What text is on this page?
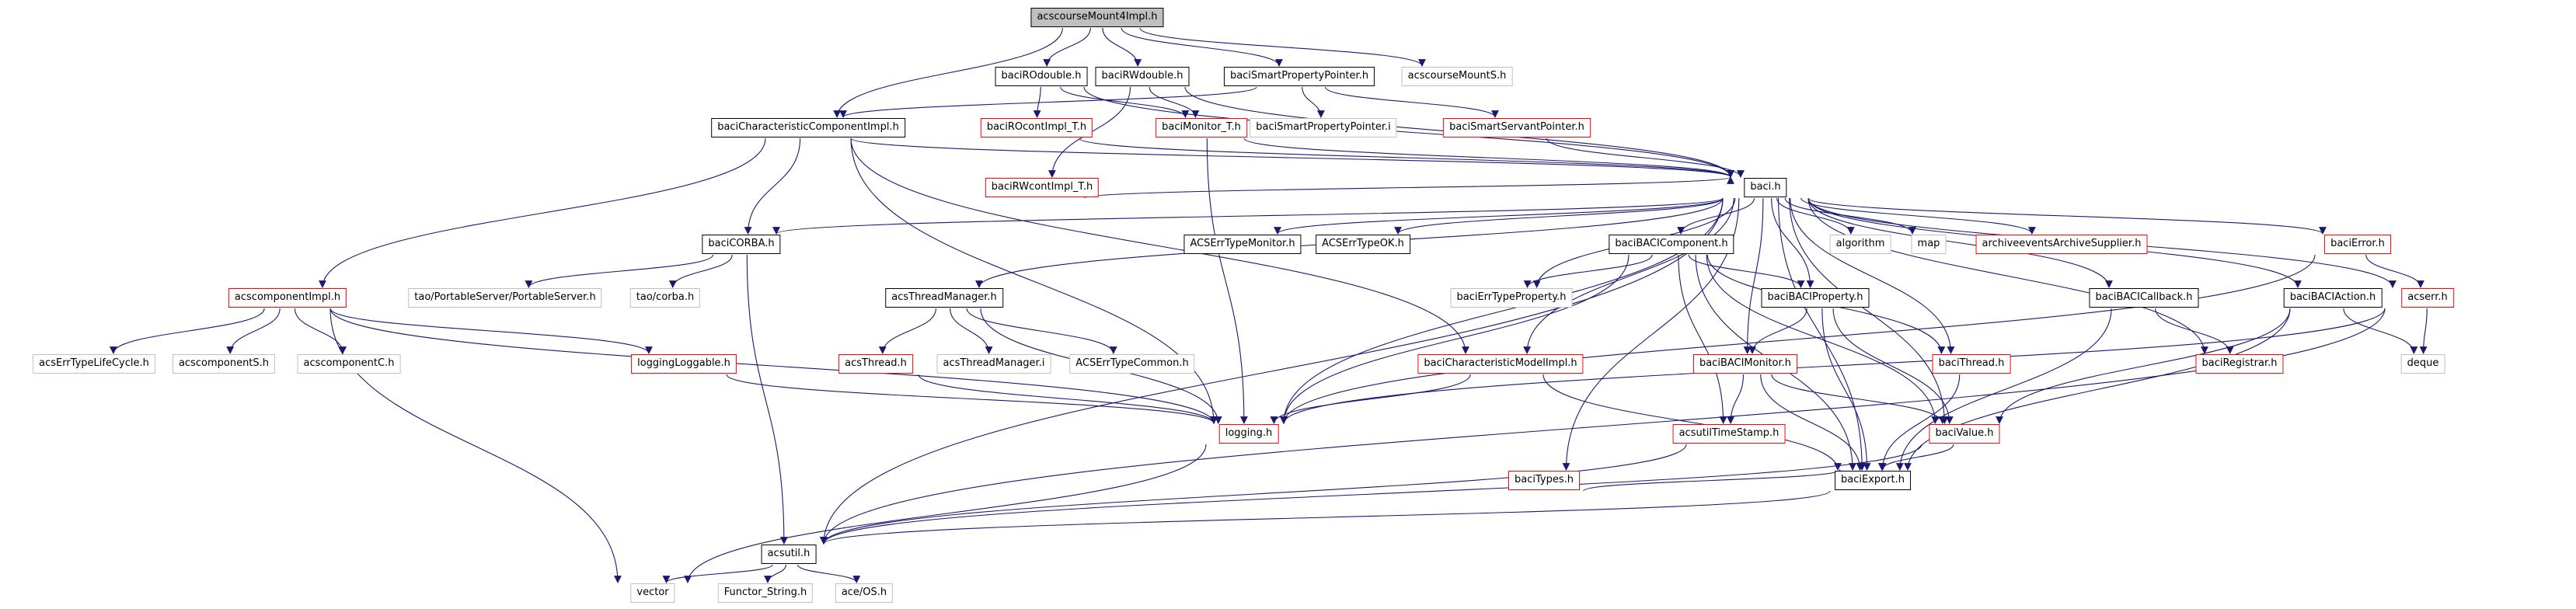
acscourseMount4Impl.h
baciROdouble.h	baciRWdouble.h	baciSmartPropertyPointer.h	acscourseMountS.h
baciCharacteristicComponentImpl.h	baciROcontImpl_T.h	baciMonitor_T.h	baciSmartPropertyPointer.i	baciSmartServantPointer.h
baciRWcontImpl_T.h	baci.h
baciCORBA.h	ACSErrTypeMonitor.h	ACSErrTypeOK.h	baciBACIComponent.h	algorithm	map	archiveeventsArchiveSupplier.h	baciError.h
acscomponentImpl.h	tao/PortableServer/PortableServer.h	tao/corba.h	acsThreadManager.h	baciErrTypeProperty.h	baciBACIProperty.h	baciBACICallback.h	baciBACIAction.h	acserr.h
acsErrTypeLifeCycle.h	acscomponentS.h	acscomponentC.h	loggingLoggable.h	acsThread.h	acsThreadManager.i	ACSErrTypeCommon.h	baciCharacteristicModelImpl.h	baciBACIMonitor.h	baciThread.h	baciRegistrar.h	deque
logging.h	acsutilTimeStamp.h	baciValue.h
baciTypes.h	baciExport.h
acsutil.h
vector	Functor_String.h	ace/OS.h
